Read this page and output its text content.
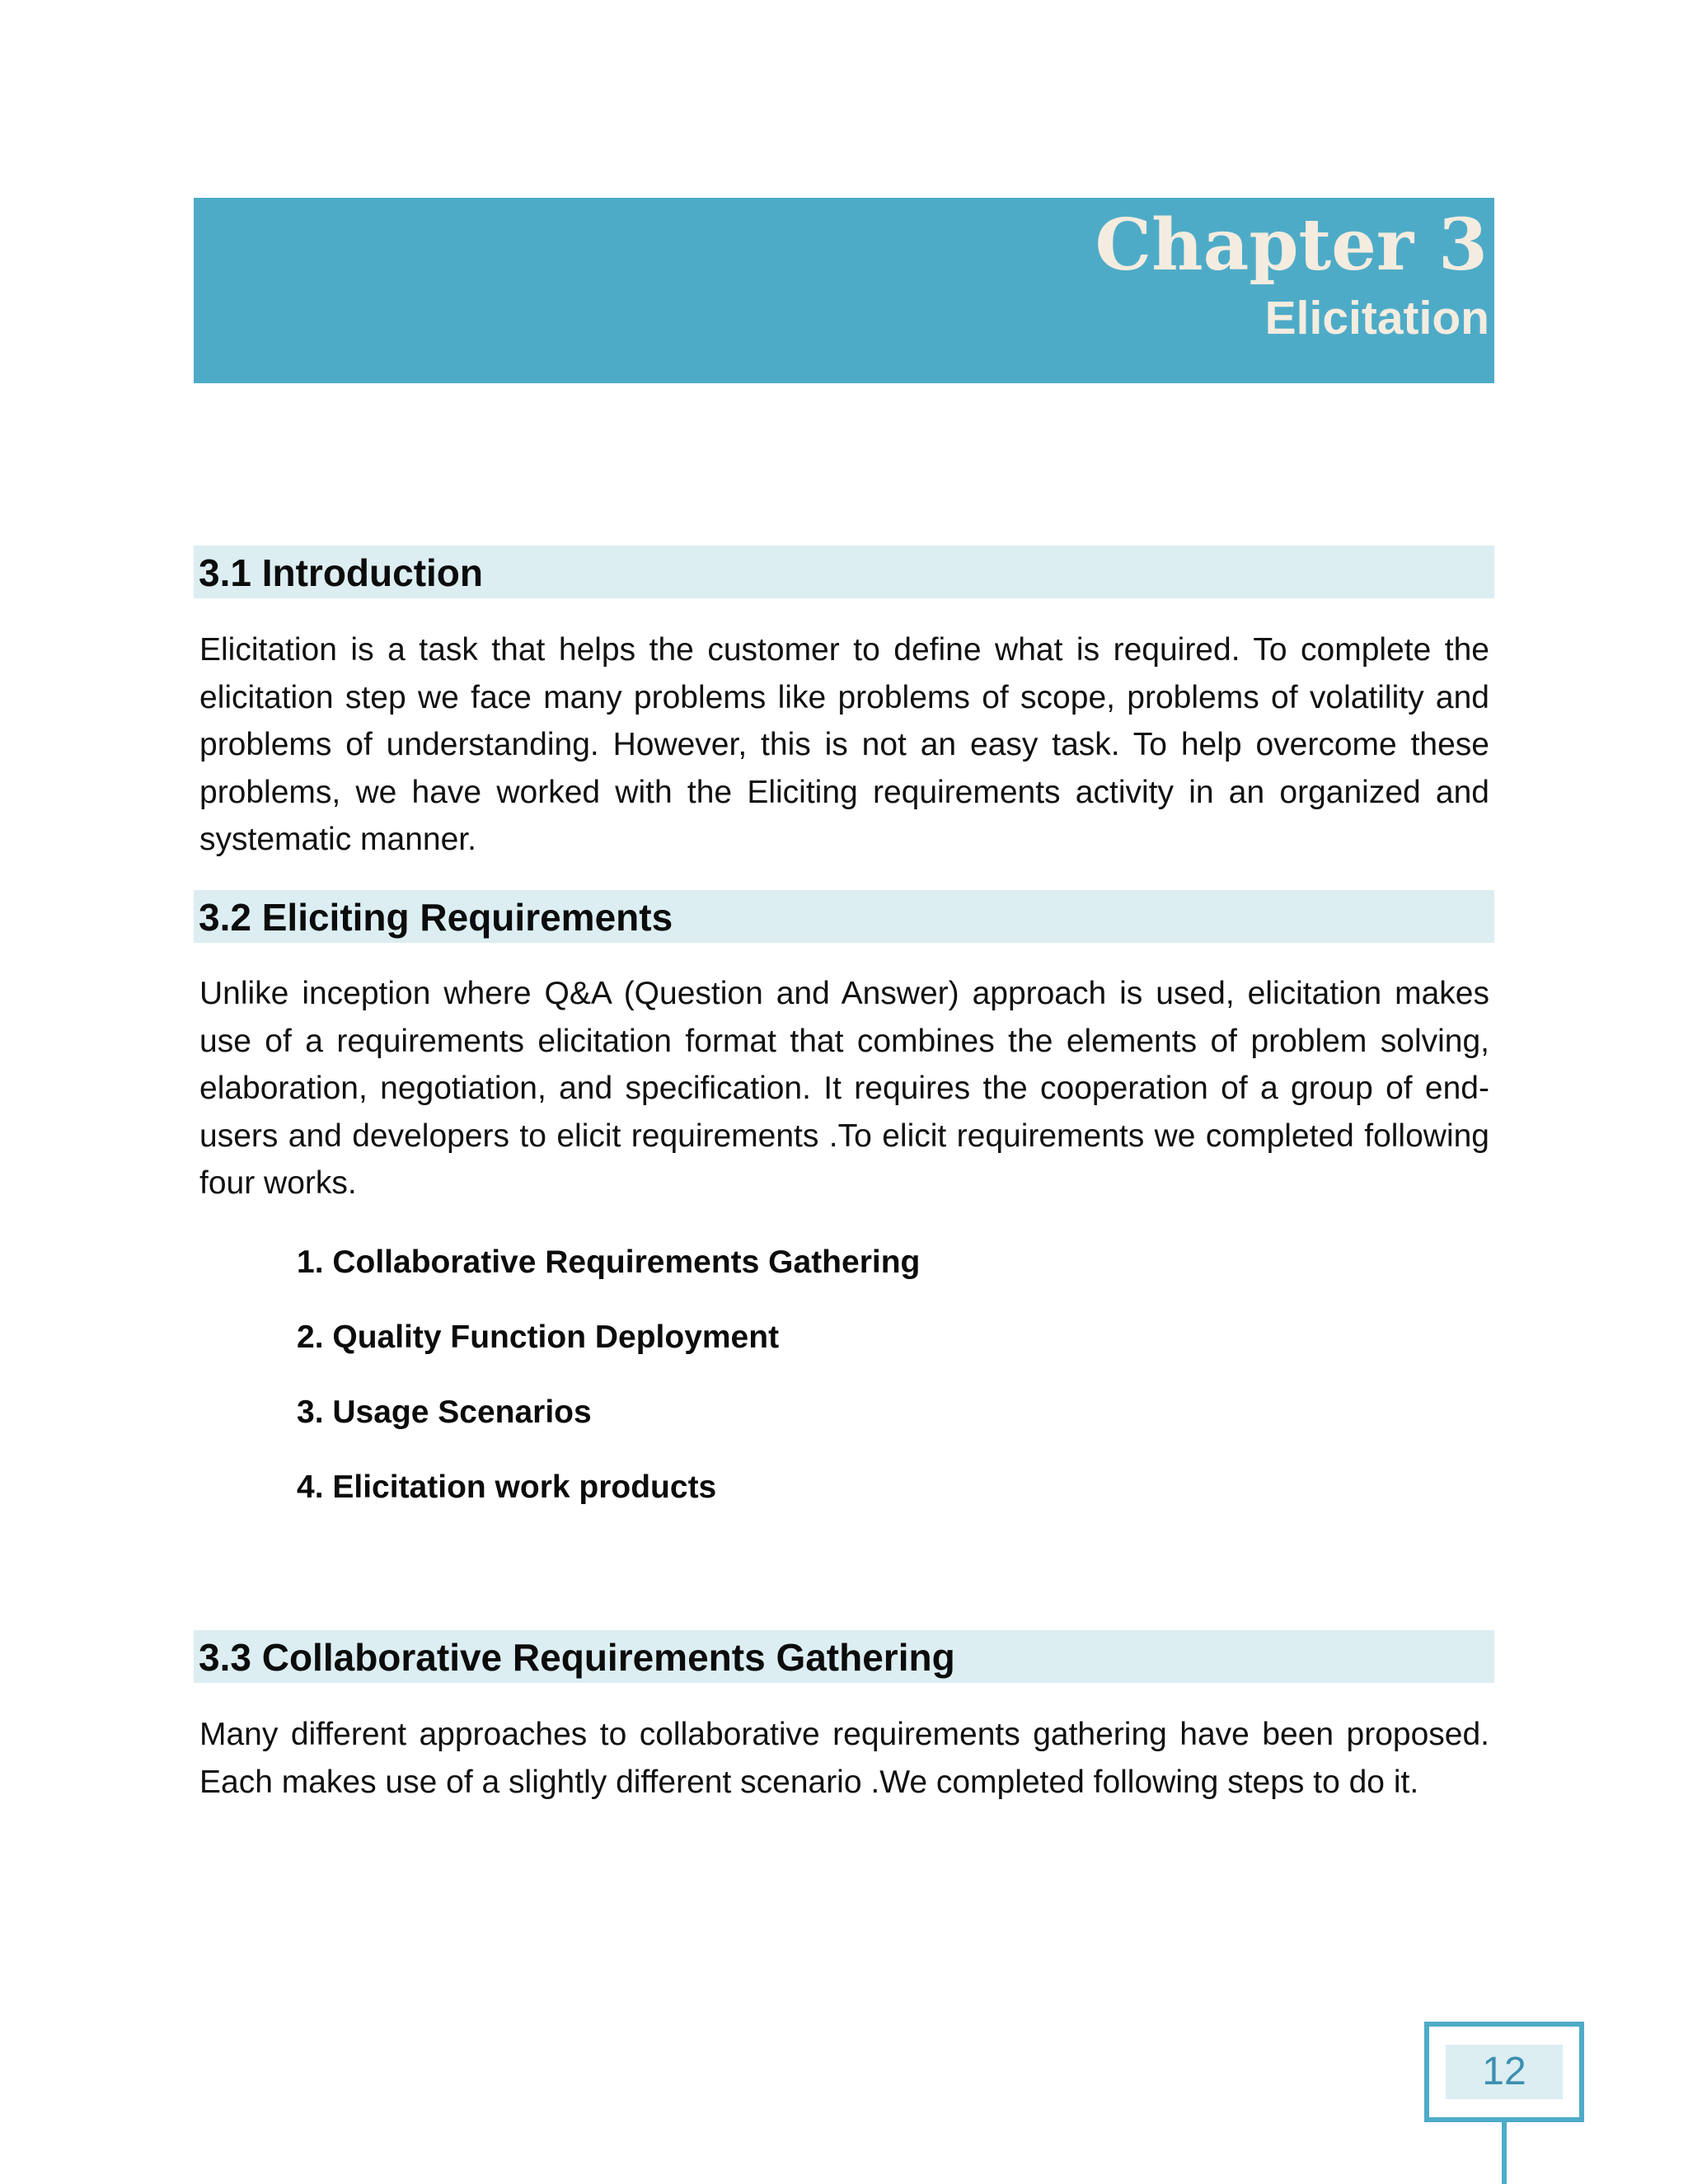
Chapter 3
Elicitation
3.1 Introduction

Elicitation is a task that helps the customer to define what is required. To complete the elicitation step we face many problems like problems of scope, problems of volatility and problems of understanding. However, this is not an easy task. To help overcome these problems, we have worked with the Eliciting requirements activity in an organized and systematic manner.

3.2 Eliciting Requirements

Unlike inception where Q&A (Question and Answer) approach is used, elicitation makes use of a requirements elicitation format that combines the elements of problem solving, elaboration, negotiation, and specification. It requires the cooperation of a group of end-users and developers to elicit requirements .To elicit requirements we completed following four works.

1. Collaborative Requirements Gathering
2. Quality Function Deployment
3. Usage Scenarios
4. Elicitation work products
3.3 Collaborative Requirements Gathering

Many different approaches to collaborative requirements gathering have been proposed. Each makes use of a slightly different scenario .We completed following steps to do it.

12
